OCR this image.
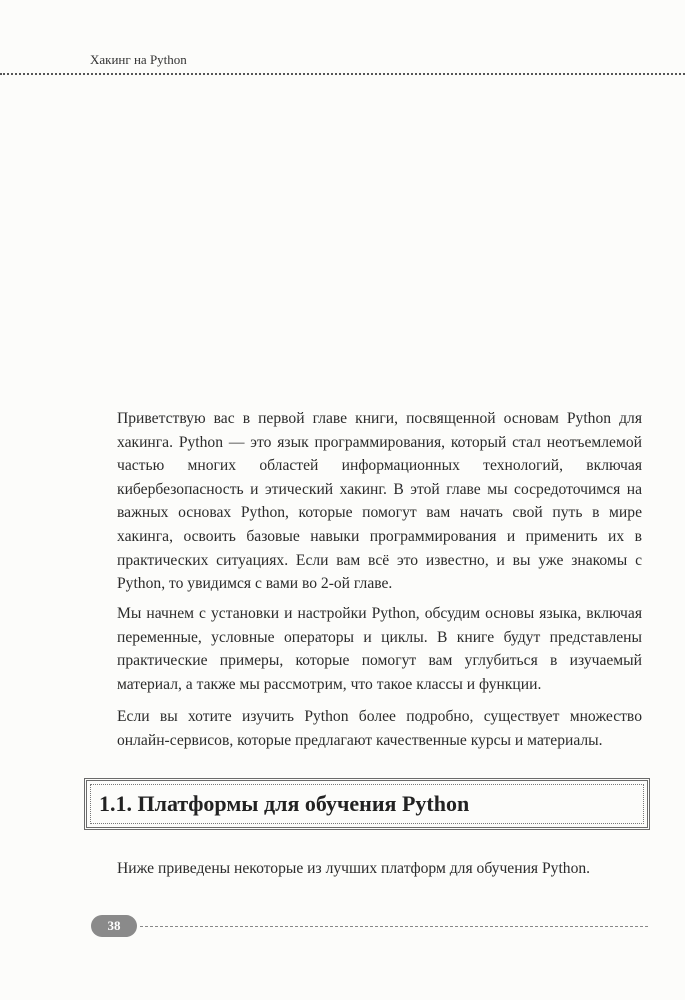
Хакинг на Python

Приветствую вас в первой главе книги, посвященной основам Python для хакинга. Python — это язык программирования, который стал неотъемлемой частью многих областей информационных технологий, включая кибербезопасность и этический хакинг. В этой главе мы сосредоточимся на важных основах Python, которые помогут вам начать свой путь в мире хакинга, освоить базовые навыки программирования и применить их в практических ситуациях. Если вам всё это известно, и вы уже знакомы с Python, то увидимся с вами во 2-ой главе.

Мы начнем с установки и настройки Python, обсудим основы языка, включая переменные, условные операторы и циклы. В книге будут представлены практические примеры, которые помогут вам углубиться в изучаемый материал, а также мы рассмотрим, что такое классы и функции.

Если вы хотите изучить Python более подробно, существует множество онлайн-сервисов, которые предлагают качественные курсы и материалы.

1.1. Платформы для обучения Python
Ниже приведены некоторые из лучших платформ для обучения Python.
38
